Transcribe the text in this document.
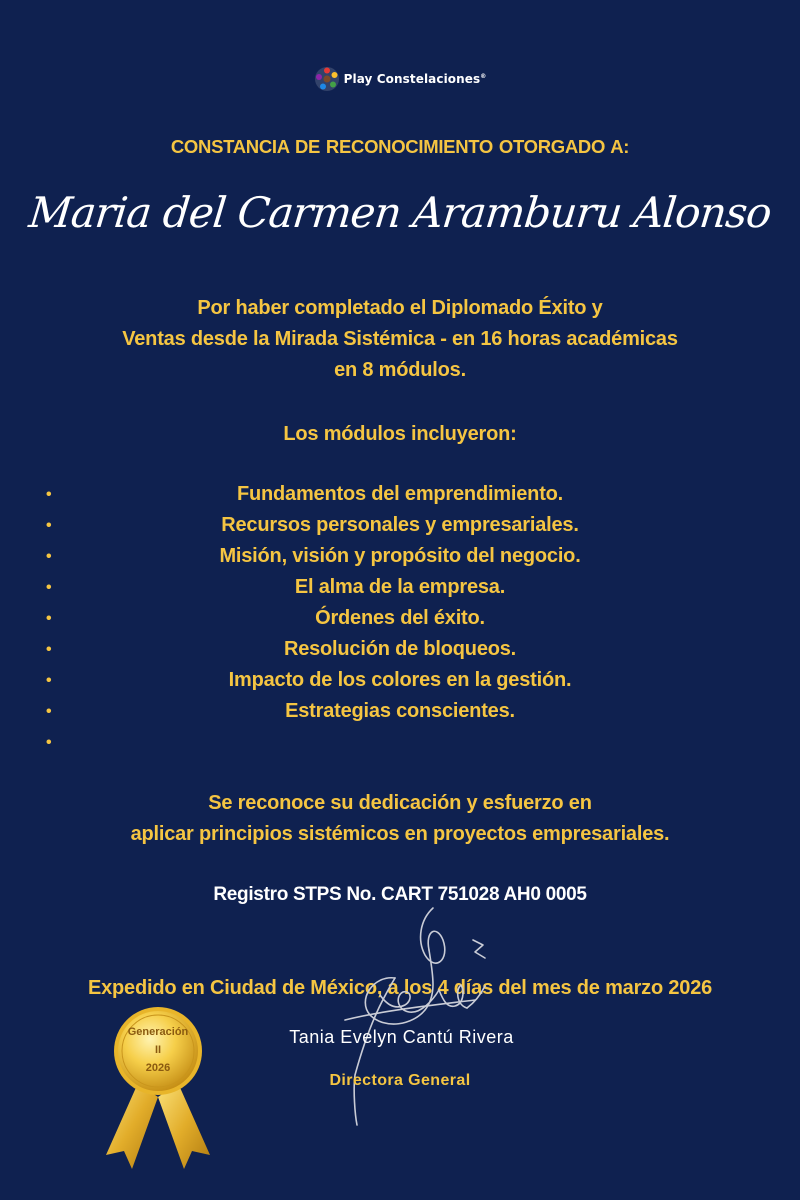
Play Constelaciones®
CONSTANCIA DE RECONOCIMIENTO OTORGADO A:
Maria del Carmen Aramburu Alonso
Por haber completado el Diplomado Éxito y
Ventas desde la Mirada Sistémica - en 16 horas académicas
en 8 módulos.
Los módulos incluyeron:
•	Fundamentos del emprendimiento.
•	Recursos personales y empresariales.
•	Misión, visión y propósito del negocio.
•	El alma de la empresa.
•	Órdenes del éxito.
•	Resolución de bloqueos.
•	Impacto de los colores en la gestión.
•	Estrategias conscientes.
•
Se reconoce su dedicación y esfuerzo en
aplicar principios sistémicos en proyectos empresariales.
Registro STPS No. CART 751028 AH0 0005
Expedido en Ciudad de México, a los 4 días del mes de marzo 2026
Tania Evelyn Cantú Rivera
Directora General
Generación
II
2026
